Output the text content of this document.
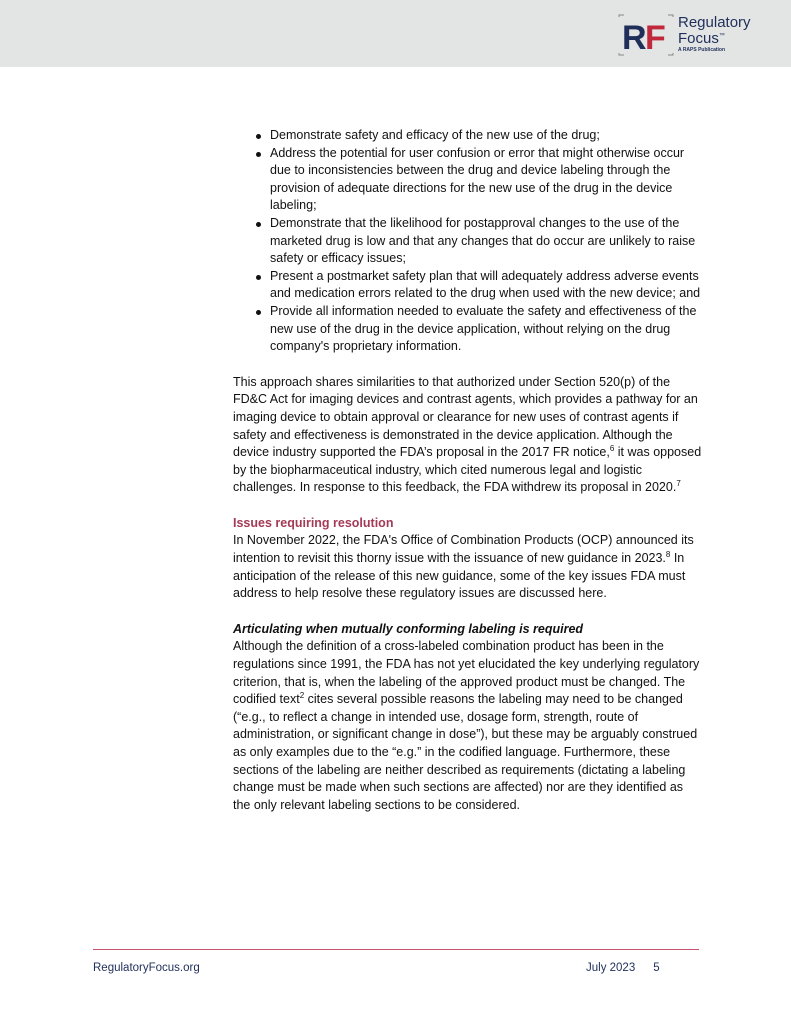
R
F Regulatory
Focus™
A RAPS Publication
Demonstrate safety and efficacy of the new use of the drug;
Address the potential for user confusion or error that might otherwise occur due to inconsistencies between the drug and device labeling through the provision of adequate directions for the new use of the drug in the device labeling;
Demonstrate that the likelihood for postapproval changes to the use of the marketed drug is low and that any changes that do occur are unlikely to raise safety or efficacy issues;
Present a postmarket safety plan that will adequately address adverse events and medication errors related to the drug when used with the new device; and
Provide all information needed to evaluate the safety and effectiveness of the new use of the drug in the device application, without relying on the drug company's proprietary information.

This approach shares similarities to that authorized under Section 520(p) of the FD&C Act for imaging devices and contrast agents, which provides a pathway for an imaging device to obtain approval or clearance for new uses of contrast agents if safety and effectiveness is demonstrated in the device application. Although the device industry supported the FDA’s proposal in the 2017 FR notice,$^6$ it was opposed by the biopharmaceutical industry, which cited numerous legal and logistic challenges. In response to this feedback, the FDA withdrew its proposal in 2020.$^7$

Issues requiring resolution

In November 2022, the FDA's Office of Combination Products (OCP) announced its intention to revisit this thorny issue with the issuance of new guidance in 2023.$^8$ In anticipation of the release of this new guidance, some of the key issues FDA must address to help resolve these regulatory issues are discussed here.

Articulating when mutually conforming labeling is required

Although the definition of a cross-labeled combination product has been in the regulations since 1991, the FDA has not yet elucidated the key underlying regulatory criterion, that is, when the labeling of the approved product must be changed. The codified text$^2$ cites several possible reasons the labeling may need to be changed (“e.g., to reflect a change in intended use, dosage form, strength, route of administration, or significant change in dose”), but these may be arguably construed as only examples due to the “e.g.” in the codified language. Furthermore, these sections of the labeling are neither described as requirements (dictating a labeling change must be made when such sections are affected) nor are they identified as the only relevant labeling sections to be considered.

RegulatoryFocus.org	July 2023 5
